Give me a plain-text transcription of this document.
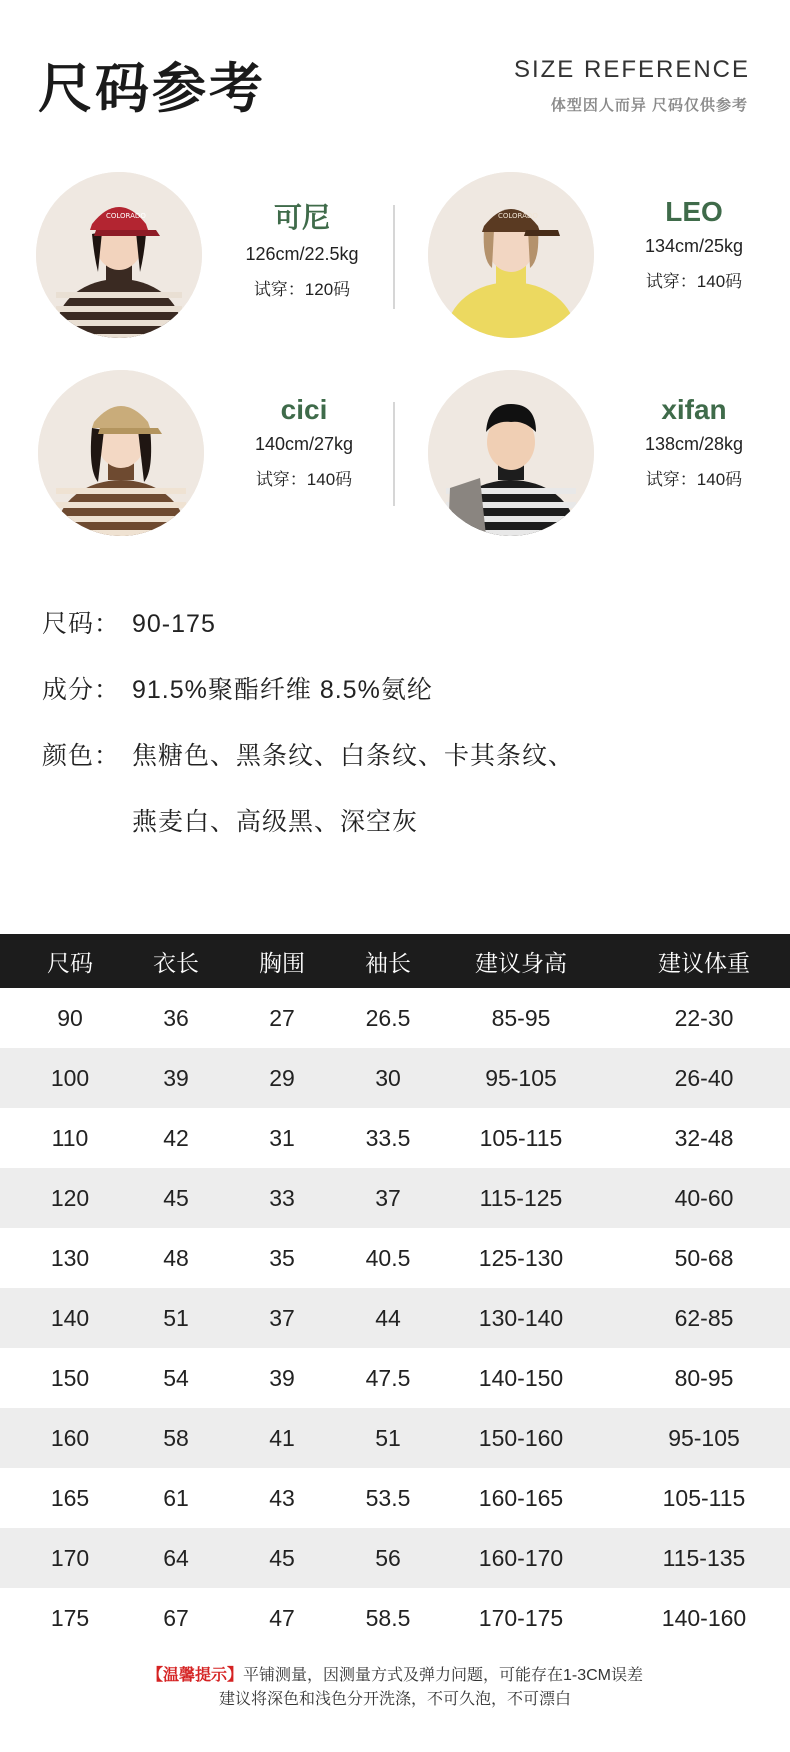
尺码参考	SIZE REFERENCE
体型因人而异 尺码仅供参考
COLORADO	可尼
126cm/22.5kg
试穿：120码
COLORADO	LEO
134cm/25kg
试穿：140码
cici
140cm/27kg
试穿：140码
xifan
138cm/28kg
试穿：140码
尺码： 90-175
成分： 91.5%聚酯纤维 8.5%氨纶
颜色： 焦糖色、黑条纹、白条纹、卡其条纹、
燕麦白、高级黑、深空灰
尺码	衣长	胸围	袖长	建议身高	建议体重
90	36	27	26.5	85-95	22-30
100	39	29	30	95-105	26-40
110	42	31	33.5	105-115	32-48
120	45	33	37	115-125	40-60
130	48	35	40.5	125-130	50-68
140	51	37	44	130-140	62-85
150	54	39	47.5	140-150	80-95
160	58	41	51	150-160	95-105
165	61	43	53.5	160-165	105-115
170	64	45	56	160-170	115-135
175	67	47	58.5	170-175	140-160
【温馨提示】平铺测量，因测量方式及弹力问题，可能存在1-3CM误差
建议将深色和浅色分开洗涤，不可久泡，不可漂白
